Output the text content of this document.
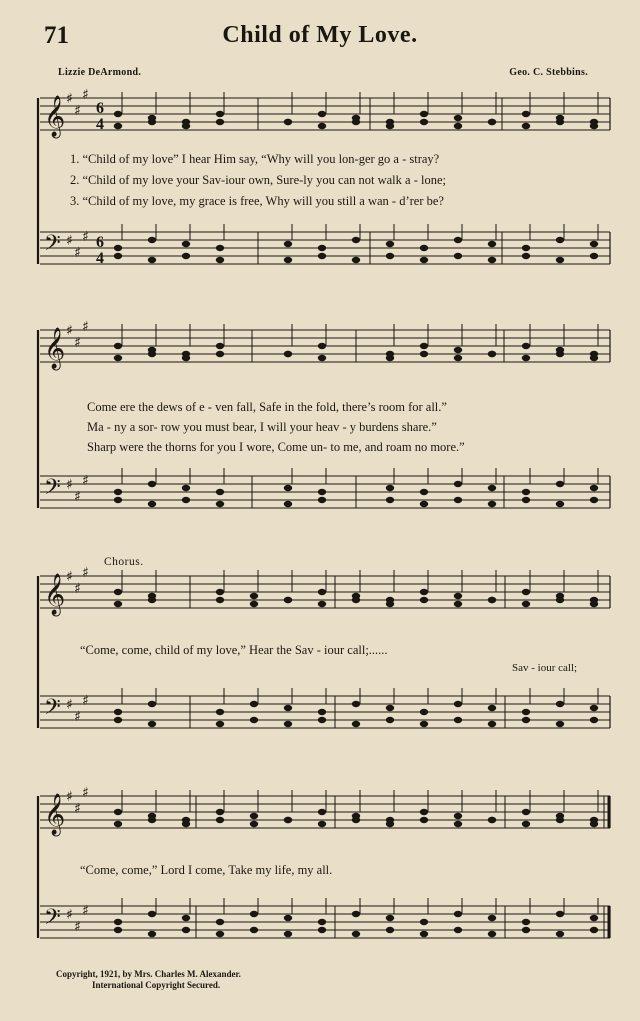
71	Child of My Love.
Lizzie DeArmond.	Geo. C. Stebbins.
♯
♯
♯
𝄞 6
4
♯
♯
♯
𝄢 6
4
♯
♯
♯
𝄞
♯
♯
♯
𝄢
♯
♯
♯
𝄞
♯
♯
♯
𝄢
♯
♯
♯
𝄞
♯
♯
♯
𝄢
1. “Child of my love” I hear Him say, “Why will you lon-ger go a - stray?
2. “Child of my love your Sav-iour own, Sure-ly you can not walk a - lone;
3. “Child of my love, my grace is free, Why will you still a wan - d’rer be?
Come ere the dews of e - ven fall, Safe in the fold, there’s room for all.”
Ma - ny a sor- row you must bear, I will your heav - y burdens share.”
Sharp were the thorns for you I wore, Come un- to me, and roam no more.”
Chorus.
“Come, come, child of my love,” Hear the Sav - iour call;......
Sav - iour call;
“Come, come,” Lord I come, Take my life, my all.
Copyright, 1921, by Mrs. Charles M. Alexander.
International Copyright Secured.
